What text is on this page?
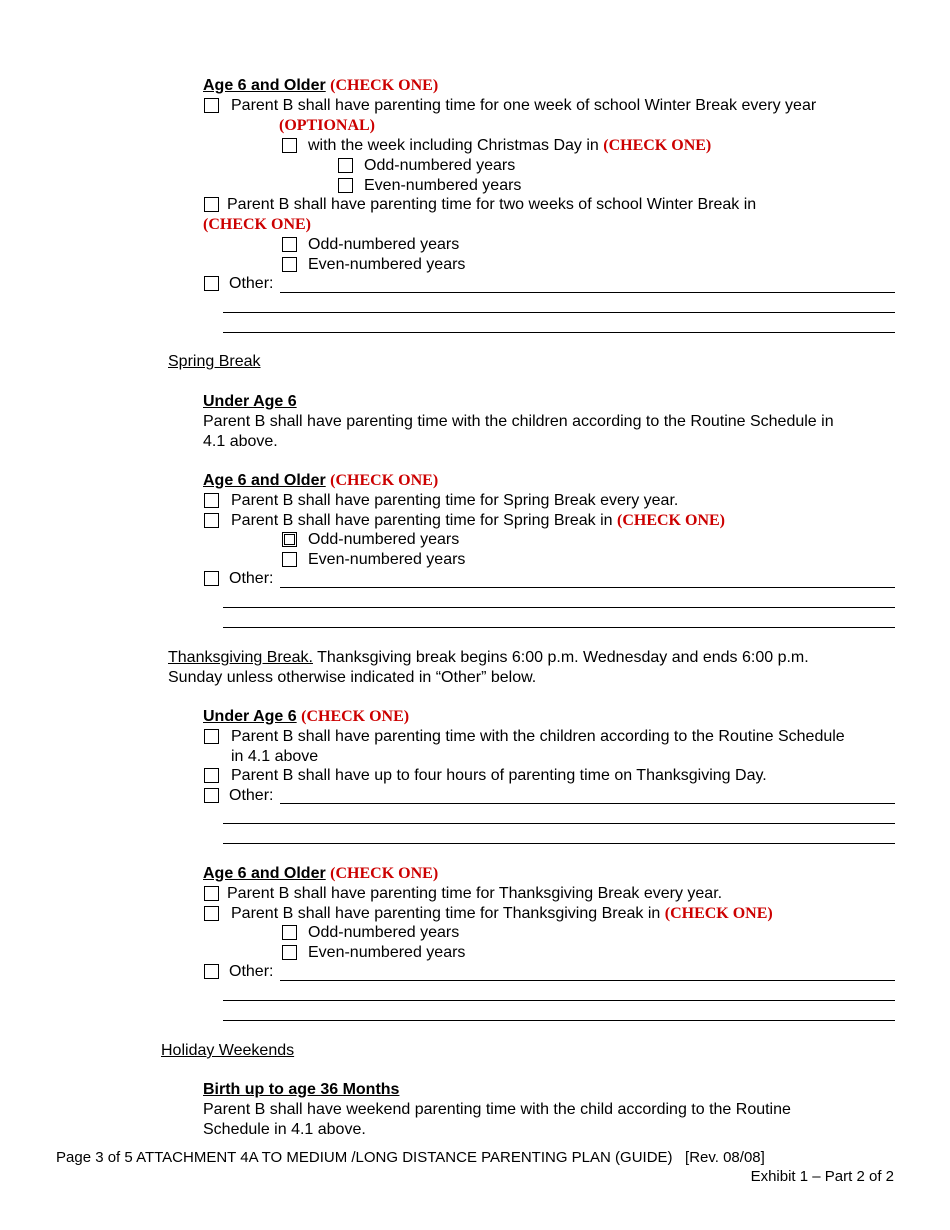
Age 6 and Older (CHECK ONE)
Parent B shall have parenting time for one week of school Winter Break every year
(OPTIONAL)
with the week including Christmas Day in (CHECK ONE)
Odd-numbered years
Even-numbered years
Parent B shall have parenting time for two weeks of school Winter Break in
(CHECK ONE)
Odd-numbered years
Even-numbered years
Other:
Spring Break
Under Age 6
Parent B shall have parenting time with the children according to the Routine Schedule in
4.1 above.
Age 6 and Older (CHECK ONE)
Parent B shall have parenting time for Spring Break every year.
Parent B shall have parenting time for Spring Break in (CHECK ONE)
Odd-numbered years
Even-numbered years
Other:
Thanksgiving Break. Thanksgiving break begins 6:00 p.m. Wednesday and ends 6:00 p.m.
Sunday unless otherwise indicated in “Other” below.
Under Age 6 (CHECK ONE)
Parent B shall have parenting time with the children according to the Routine Schedule
in 4.1 above
Parent B shall have up to four hours of parenting time on Thanksgiving Day.
Other:
Age 6 and Older (CHECK ONE)
Parent B shall have parenting time for Thanksgiving Break every year.
Parent B shall have parenting time for Thanksgiving Break in (CHECK ONE)
Odd-numbered years
Even-numbered years
Other:
Holiday Weekends
Birth up to age 36 Months
Parent B shall have weekend parenting time with the child according to the Routine
Schedule in 4.1 above.
Page 3 of 5 ATTACHMENT 4A TO MEDIUM /LONG DISTANCE PARENTING PLAN (GUIDE)   [Rev. 08/08]
Exhibit 1 – Part 2 of 2
